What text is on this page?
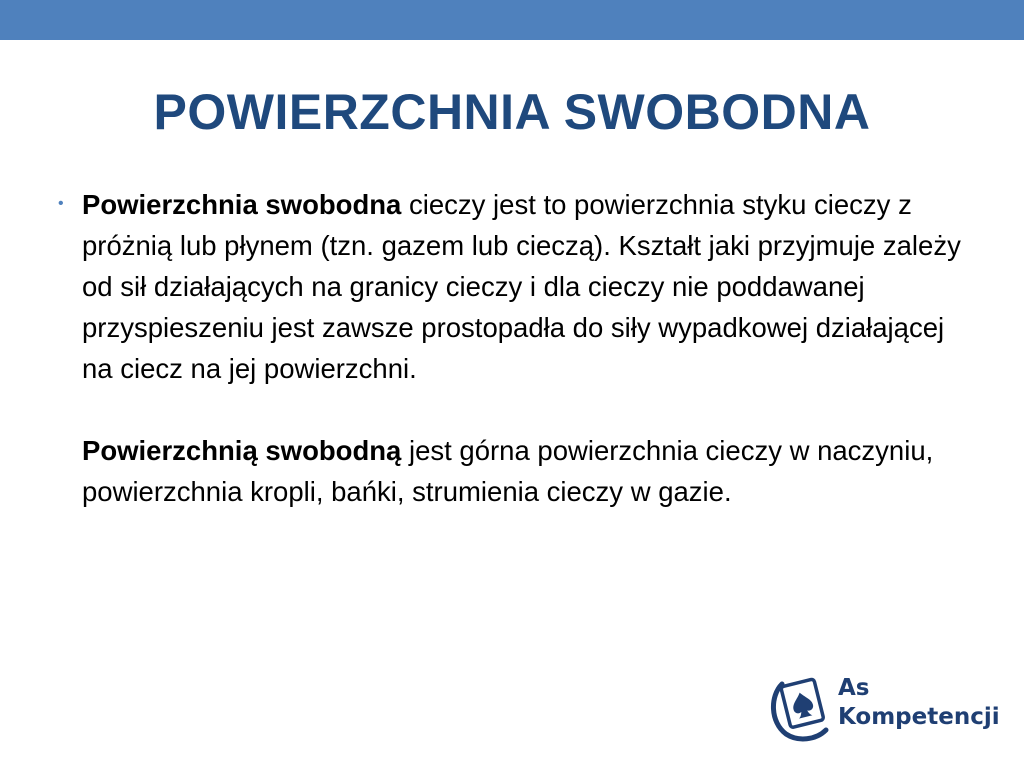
POWIERZCHNIA SWOBODNA
• Powierzchnia swobodna cieczy jest to powierzchnia styku cieczy z próżnią lub płynem (tzn. gazem lub cieczą). Kształt jaki przyjmuje zależy od sił działających na granicy cieczy i dla cieczy nie poddawanej przyspieszeniu jest zawsze prostopadła do siły wypadkowej działającej na ciecz na jej powierzchni.

Powierzchnią swobodną jest górna powierzchnia cieczy w naczyniu, powierzchnia kropli, bańki, strumienia cieczy w gazie.

As
Kompetencji
